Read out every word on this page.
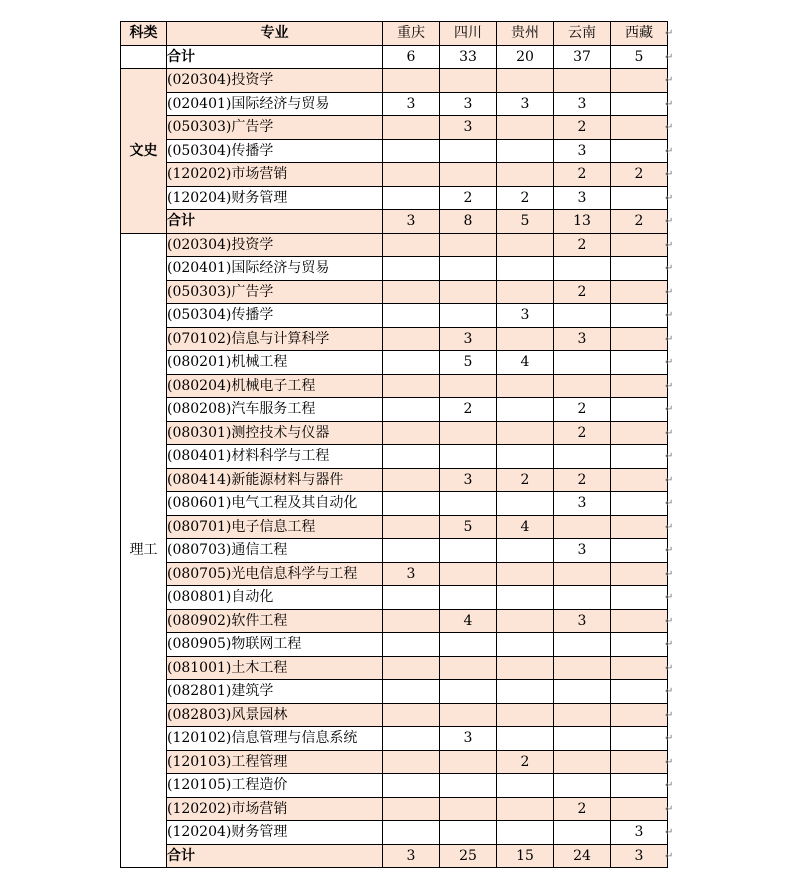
科类	专业	重庆	四川	贵州	云南	西藏
	合计	6	33	20	37	5
文史	(020304)投资学					
	(020401)国际经济与贸易	3	3	3	3	
	(050303)广告学		3		2	
	(050304)传播学				3	
	(120202)市场营销				2	2
	(120204)财务管理		2	2	3	
	合计	3	8	5	13	2
理工	(020304)投资学				2	
	(020401)国际经济与贸易					
	(050303)广告学				2	
	(050304)传播学			3		
	(070102)信息与计算科学		3		3	
	(080201)机械工程		5	4		
	(080204)机械电子工程					
	(080208)汽车服务工程		2		2	
	(080301)测控技术与仪器				2	
	(080401)材料科学与工程					
	(080414)新能源材料与器件		3	2	2	
	(080601)电气工程及其自动化				3	
	(080701)电子信息工程		5	4		
	(080703)通信工程				3	
	(080705)光电信息科学与工程	3				
	(080801)自动化					
	(080902)软件工程		4		3	
	(080905)物联网工程					
	(081001)土木工程					
	(082801)建筑学					
	(082803)风景园林					
	(120102)信息管理与信息系统		3			
	(120103)工程管理			2		
	(120105)工程造价					
	(120202)市场营销				2	
	(120204)财务管理					3
	合计	3	25	15	24	3
↵
↵
↵
↵
↵
↵
↵
↵
↵
↵
↵
↵
↵
↵
↵
↵
↵
↵
↵
↵
↵
↵
↵
↵
↵
↵
↵
↵
↵
↵
↵
↵
↵
↵
↵
↵
